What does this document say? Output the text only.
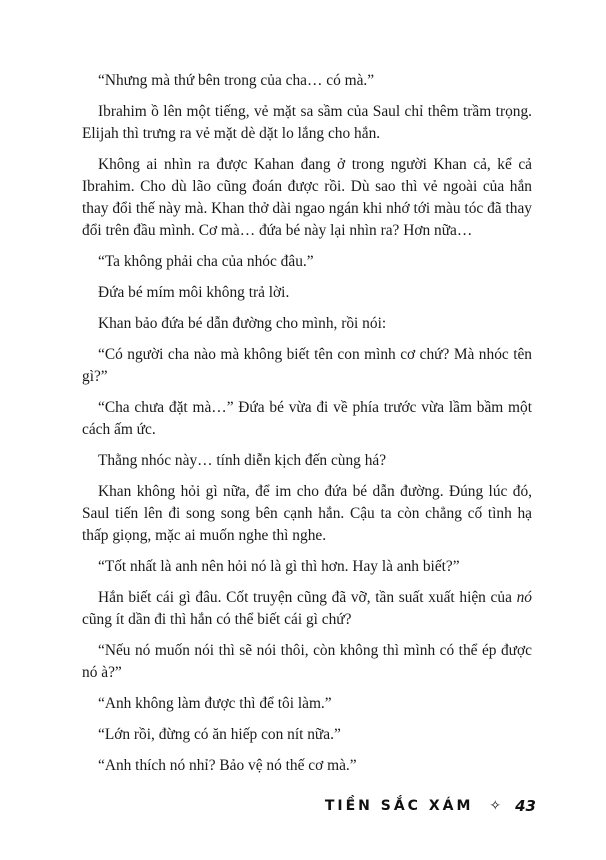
“Nhưng mà thứ bên trong của cha… có mà.”

Ibrahim ồ lên một tiếng, vẻ mặt sa sầm của Saul chỉ thêm trầm trọng. Elijah thì trưng ra vẻ mặt dè dặt lo lắng cho hắn.

Không ai nhìn ra được Kahan đang ở trong người Khan cả, kể cả Ibrahim. Cho dù lão cũng đoán được rồi. Dù sao thì vẻ ngoài của hắn thay đổi thế này mà. Khan thở dài ngao ngán khi nhớ tới màu tóc đã thay đổi trên đầu mình. Cơ mà… đứa bé này lại nhìn ra? Hơn nữa…

“Ta không phải cha của nhóc đâu.”

Đứa bé mím môi không trả lời.

Khan bảo đứa bé dẫn đường cho mình, rồi nói:

“Có người cha nào mà không biết tên con mình cơ chứ? Mà nhóc tên gì?”

“Cha chưa đặt mà…” Đứa bé vừa đi về phía trước vừa lầm bầm một cách ấm ức.

Thằng nhóc này… tính diễn kịch đến cùng há?

Khan không hỏi gì nữa, để im cho đứa bé dẫn đường. Đúng lúc đó, Saul tiến lên đi song song bên cạnh hắn. Cậu ta còn chẳng cố tình hạ thấp giọng, mặc ai muốn nghe thì nghe.

“Tốt nhất là anh nên hỏi nó là gì thì hơn. Hay là anh biết?”

Hắn biết cái gì đâu. Cốt truyện cũng đã vỡ, tần suất xuất hiện của nó cũng ít dần đi thì hắn có thể biết cái gì chứ?

“Nếu nó muốn nói thì sẽ nói thôi, còn không thì mình có thể ép được nó à?”

“Anh không làm được thì để tôi làm.”

“Lớn rồi, đừng có ăn hiếp con nít nữa.”

“Anh thích nó nhỉ? Bảo vệ nó thế cơ mà.”

TIỀN SẮC XÁM ✧ 43
